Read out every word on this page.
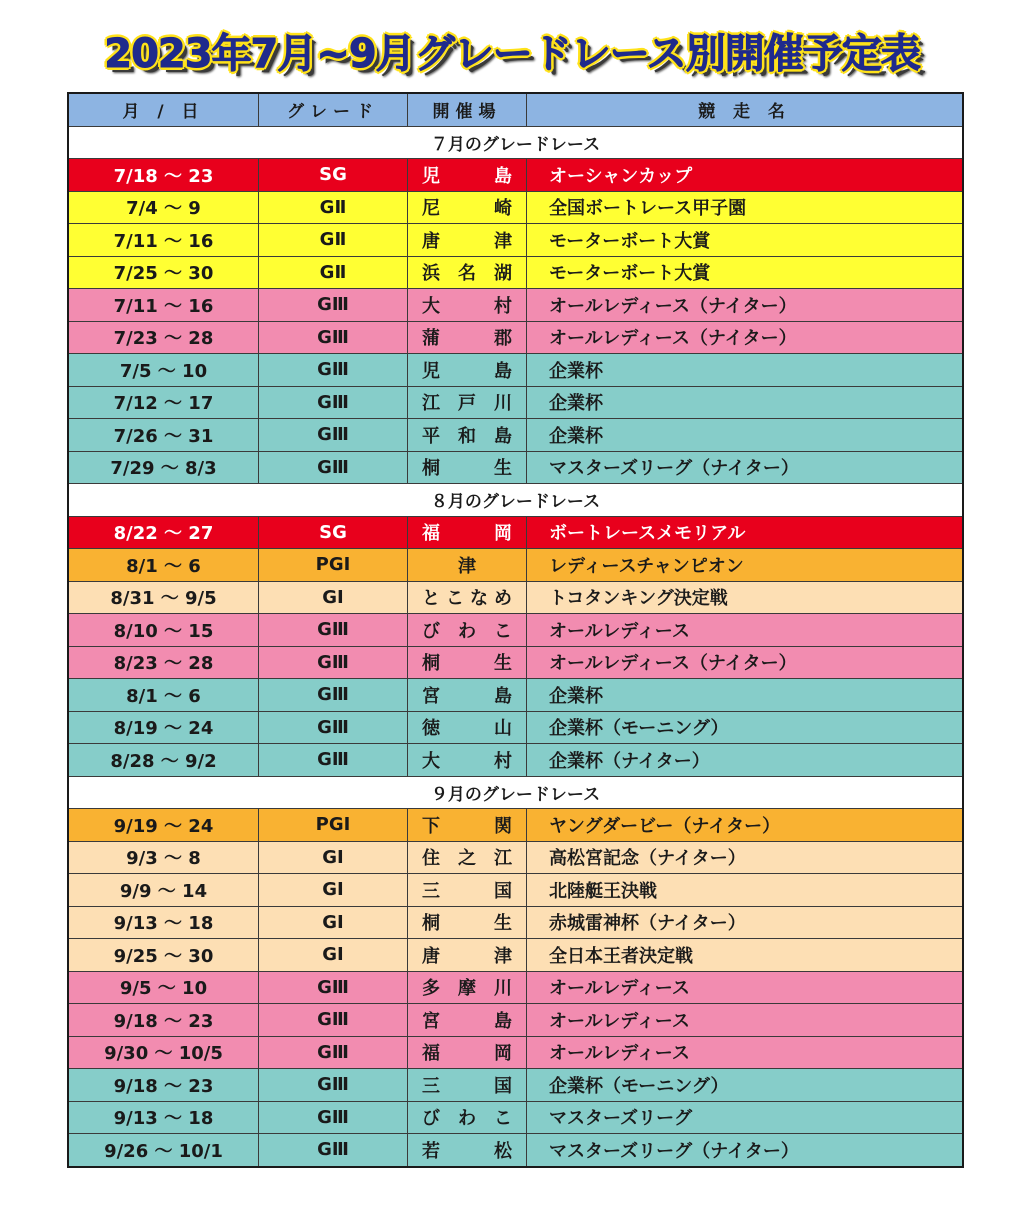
2023年7月~9月グレードレース別開催予定表
月 / 日	グレード	開催場	競 走 名
７月のグレードレース			
7/18 ～ 23	SG	児 島	オーシャンカップ
7/4 ～ 9	GⅡ	尼 崎	全国ボートレース甲子園
7/11 ～ 16	GⅡ	唐 津	モーターボート大賞
7/25 ～ 30	GⅡ	浜 名 湖	モーターボート大賞
7/11 ～ 16	GⅢ	大 村	オールレディース（ナイター）
7/23 ～ 28	GⅢ	蒲 郡	オールレディース（ナイター）
7/5 ～ 10	GⅢ	児 島	企業杯
7/12 ～ 17	GⅢ	江 戸 川	企業杯
7/26 ～ 31	GⅢ	平 和 島	企業杯
7/29 ～ 8/3	GⅢ	桐 生	マスターズリーグ（ナイター）
８月のグレードレース			
8/22 ～ 27	SG	福 岡	ボートレースメモリアル
8/1 ～ 6	PGⅠ	津	レディースチャンピオン
8/31 ～ 9/5	GⅠ	と こ な め	トコタンキング決定戦
8/10 ～ 15	GⅢ	び わ こ	オールレディース
8/23 ～ 28	GⅢ	桐 生	オールレディース（ナイター）
8/1 ～ 6	GⅢ	宮 島	企業杯
8/19 ～ 24	GⅢ	徳 山	企業杯（モーニング）
8/28 ～ 9/2	GⅢ	大 村	企業杯（ナイター）
９月のグレードレース			
9/19 ～ 24	PGⅠ	下 関	ヤングダービー（ナイター）
9/3 ～ 8	GⅠ	住 之 江	高松宮記念（ナイター）
9/9 ～ 14	GⅠ	三 国	北陸艇王決戦
9/13 ～ 18	GⅠ	桐 生	赤城雷神杯（ナイター）
9/25 ～ 30	GⅠ	唐 津	全日本王者決定戦
9/5 ～ 10	GⅢ	多 摩 川	オールレディース
9/18 ～ 23	GⅢ	宮 島	オールレディース
9/30 ～ 10/5	GⅢ	福 岡	オールレディース
9/18 ～ 23	GⅢ	三 国	企業杯（モーニング）
9/13 ～ 18	GⅢ	び わ こ	マスターズリーグ
9/26 ～ 10/1	GⅢ	若 松	マスターズリーグ（ナイター）
